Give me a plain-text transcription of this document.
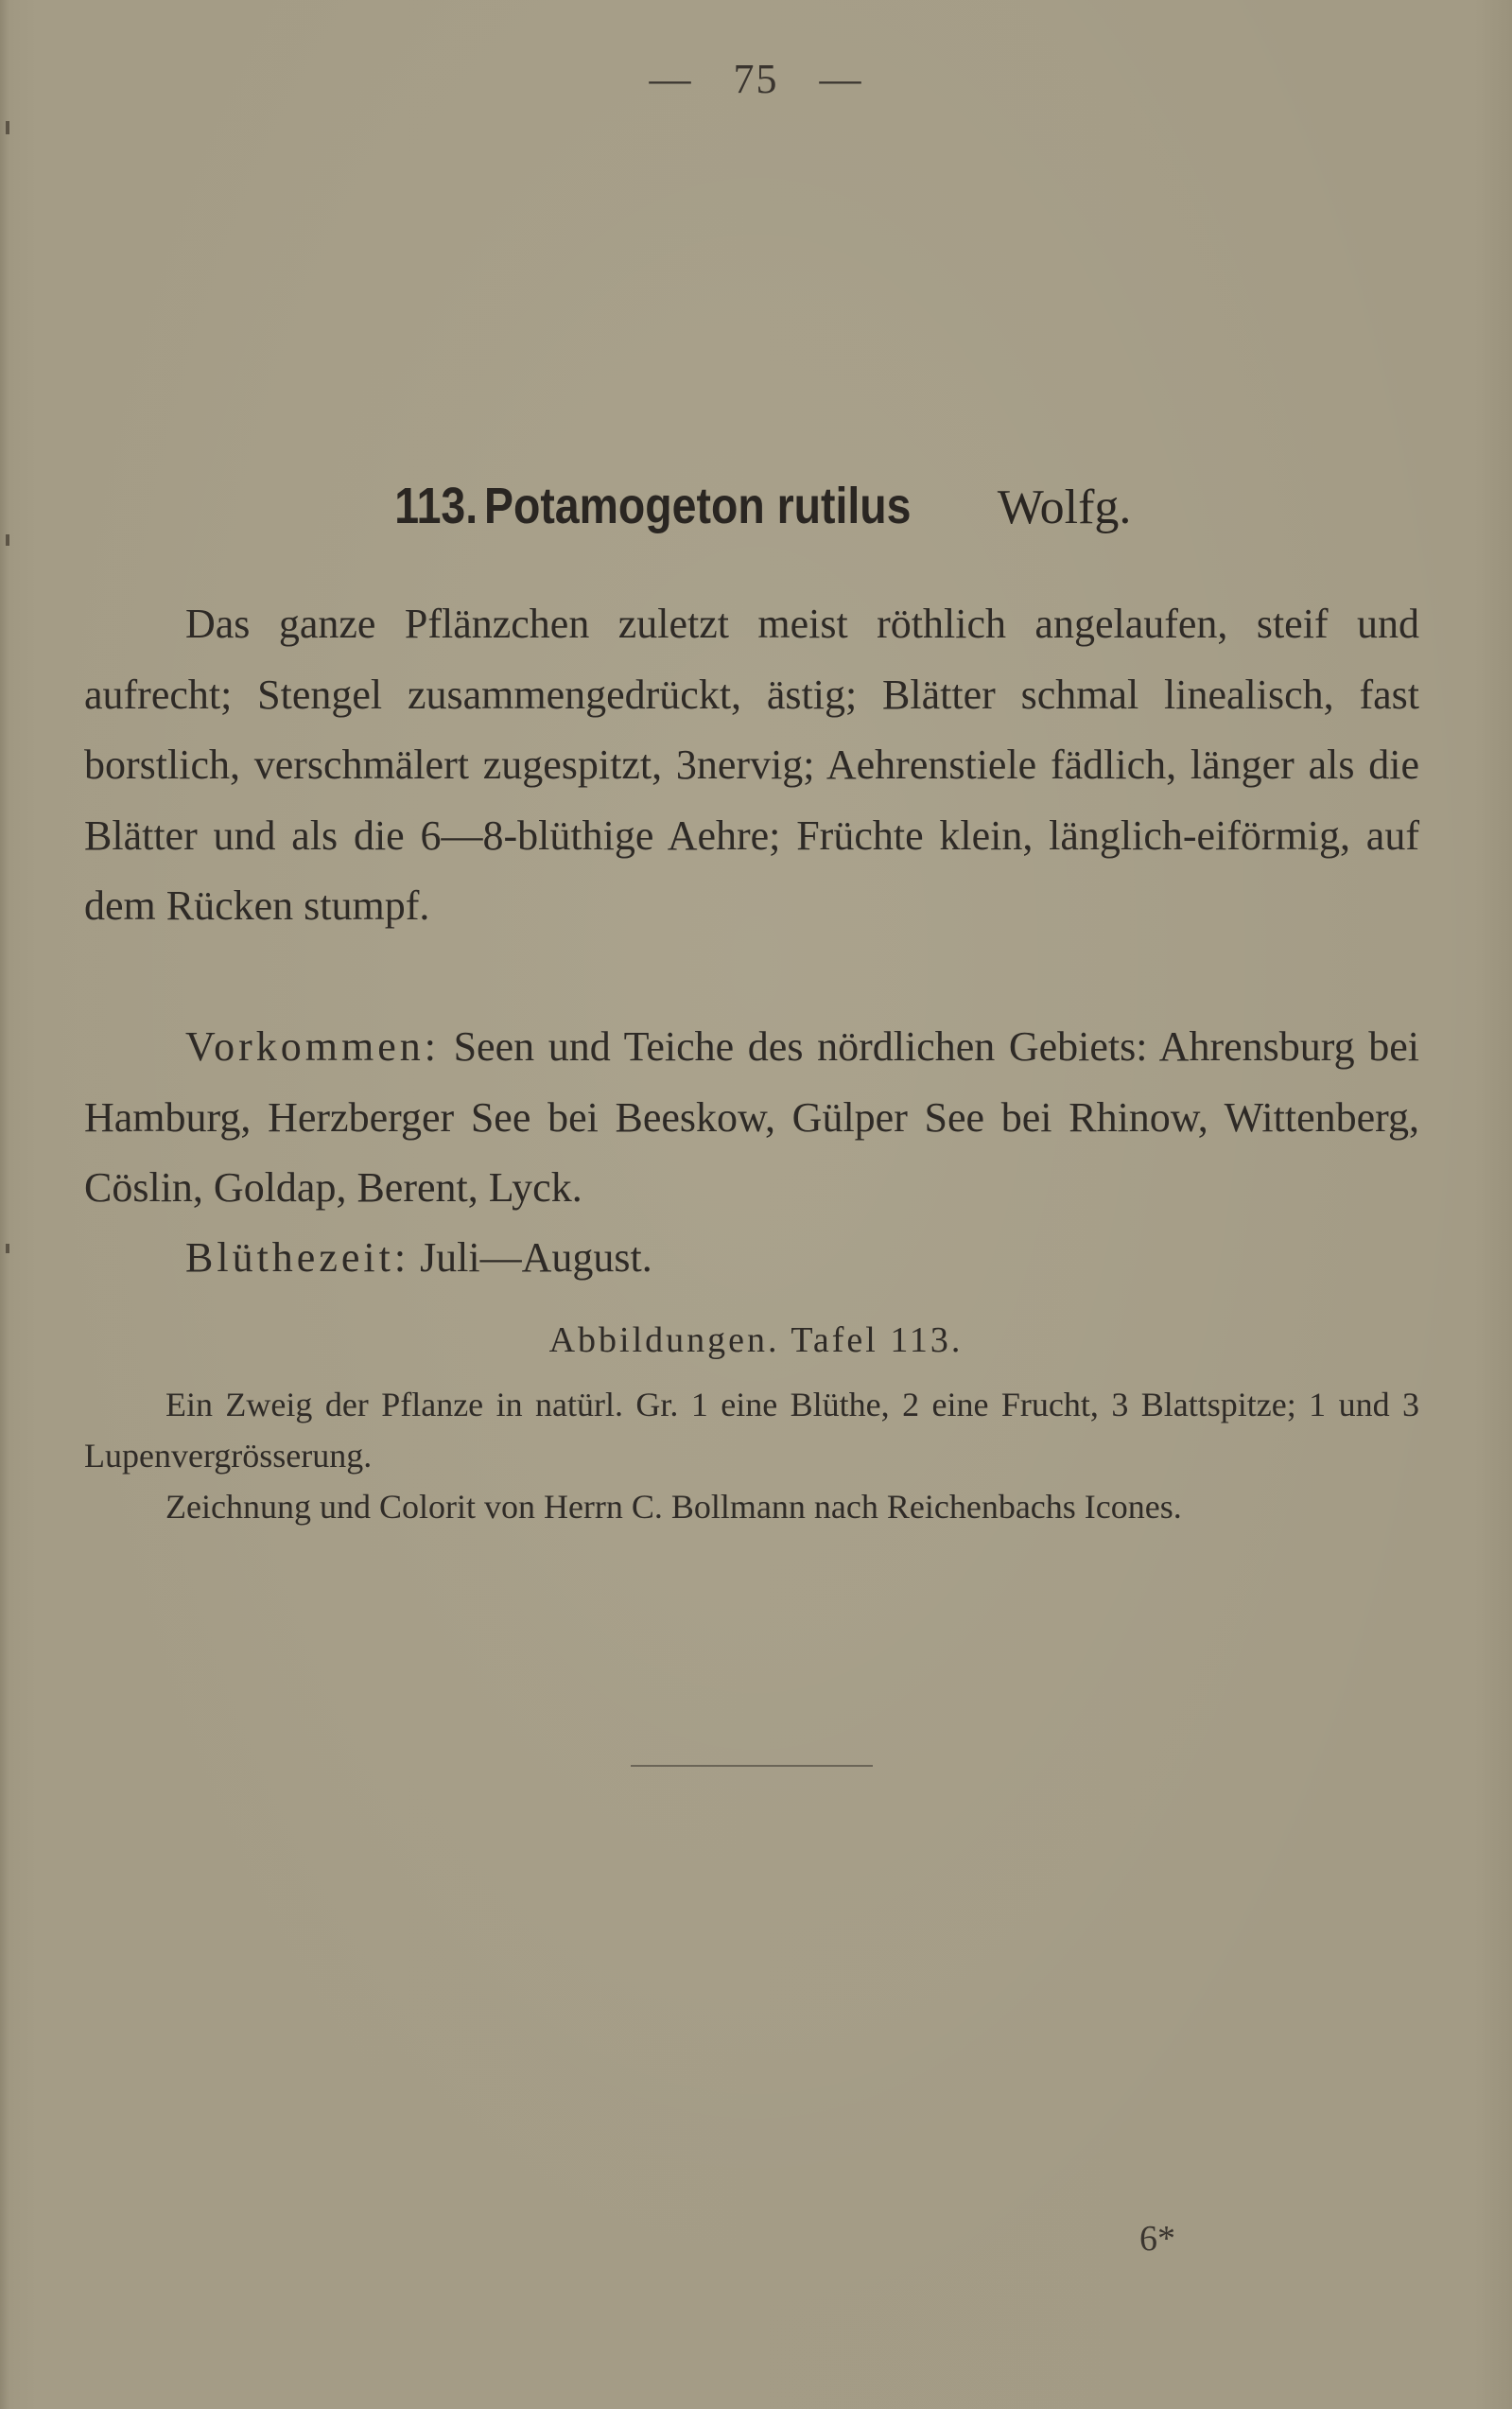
— 75 —
113. Potamogeton rutilus Wolfg.

Das ganze Pflänzchen zuletzt meist röthlich angelaufen, steif und aufrecht; Stengel zusammengedrückt, ästig; Blätter schmal linealisch, fast borstlich, verschmälert zugespitzt, 3nervig; Aehrenstiele fädlich, länger als die Blätter und als die 6—8-blüthige Aehre; Früchte klein, länglich-eiförmig, auf dem Rücken stumpf.

Vorkommen: Seen und Teiche des nördlichen Gebiets: Ahrensburg bei Hamburg, Herzberger See bei Beeskow, Gülper See bei Rhinow, Wittenberg, Cöslin, Goldap, Berent, Lyck.

Blüthezeit: Juli—August.

Abbildungen. Tafel 113.

Ein Zweig der Pflanze in natürl. Gr. 1 eine Blüthe, 2 eine Frucht, 3 Blattspitze; 1 und 3 Lupenvergrösserung.

Zeichnung und Colorit von Herrn C. Bollmann nach Reichenbachs Icones.

6*
